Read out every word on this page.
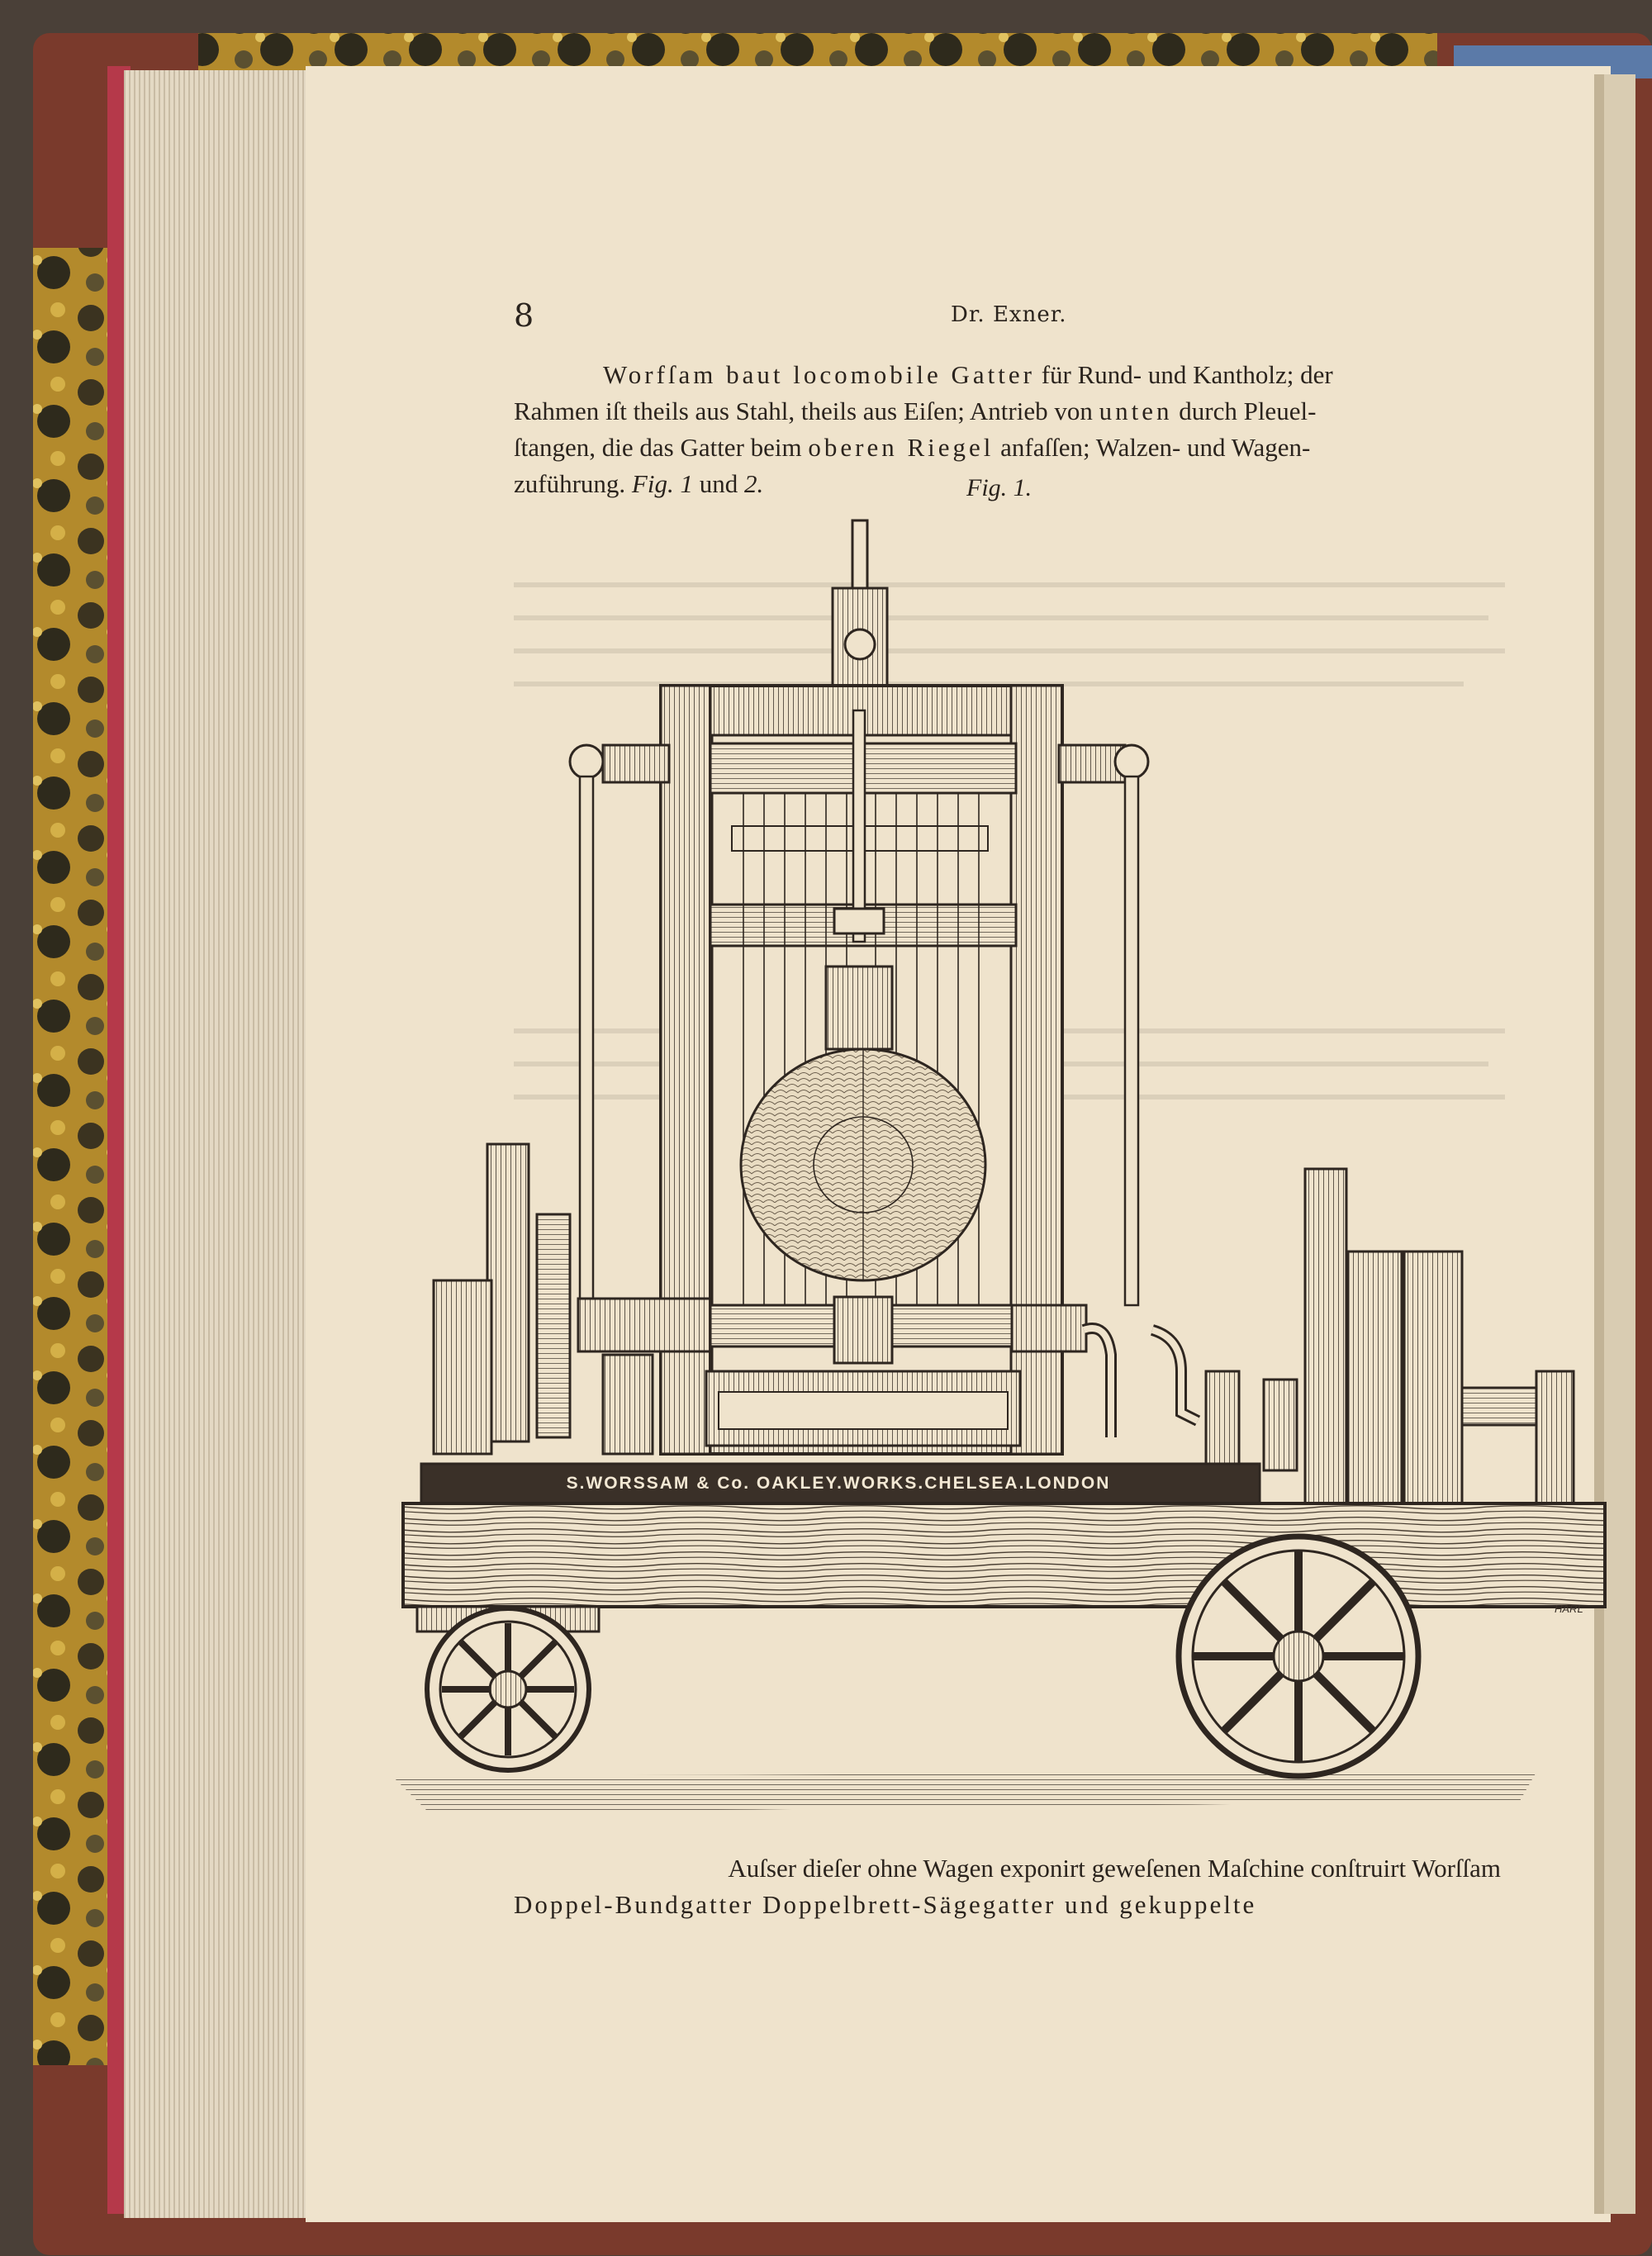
8	Dr. Exner.
Worfſam baut locomobile Gatter für Rund- und Kantholz; der
Rahmen iſt theils aus Stahl, theils aus Eiſen; Antrieb von unten durch Pleuel-
ſtangen, die das Gatter beim oberen Riegel anfaſſen; Walzen- und Wagen-
zuführung. Fig. 1 und 2.	Fig. 1.
S.WORSSAM & Co. OAKLEY.WORKS.CHELSEA.LONDON
HARL
Auſser dieſer ohne Wagen exponirt geweſenen Maſchine conſtruirt Worſſam
Doppel-Bundgatter Doppelbrett-Sägegatter und gekuppelte
